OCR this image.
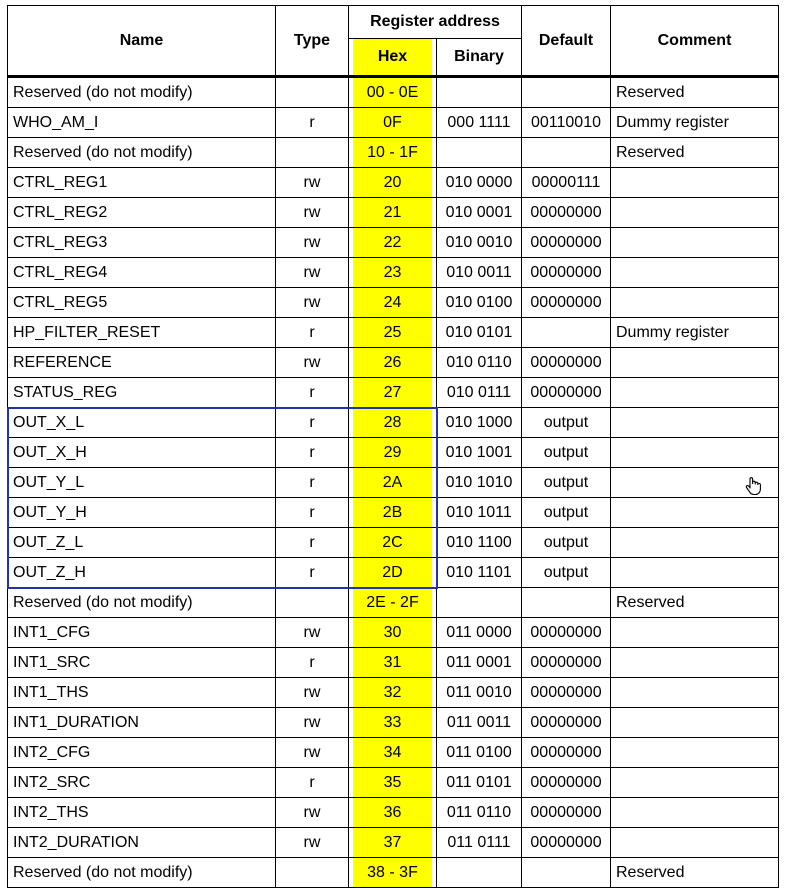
Name	Type	Register address		Default	Comment

		Hex	Binary		
Reserved (do not modify)		00 - 0E			Reserved
WHO_AM_I	r	0F	000 1111	00110010	Dummy register
Reserved (do not modify)		10 - 1F			Reserved
CTRL_REG1	rw	20	010 0000	00000111	
CTRL_REG2	rw	21	010 0001	00000000	
CTRL_REG3	rw	22	010 0010	00000000	
CTRL_REG4	rw	23	010 0011	00000000	
CTRL_REG5	rw	24	010 0100	00000000	
HP_FILTER_RESET	r	25	010 0101		Dummy register
REFERENCE	rw	26	010 0110	00000000	
STATUS_REG	r	27	010 0111	00000000	
OUT_X_L	r	28	010 1000	output	
OUT_X_H	r	29	010 1001	output	
OUT_Y_L	r	2A	010 1010	output	
OUT_Y_H	r	2B	010 1011	output	
OUT_Z_L	r	2C	010 1100	output	
OUT_Z_H	r	2D	010 1101	output	
Reserved (do not modify)		2E - 2F			Reserved
INT1_CFG	rw	30	011 0000	00000000	
INT1_SRC	r	31	011 0001	00000000	
INT1_THS	rw	32	011 0010	00000000	
INT1_DURATION	rw	33	011 0011	00000000	
INT2_CFG	rw	34	011 0100	00000000	
INT2_SRC	r	35	011 0101	00000000	
INT2_THS	rw	36	011 0110	00000000	
INT2_DURATION	rw	37	011 0111	00000000	
Reserved (do not modify)		38 - 3F			Reserved
